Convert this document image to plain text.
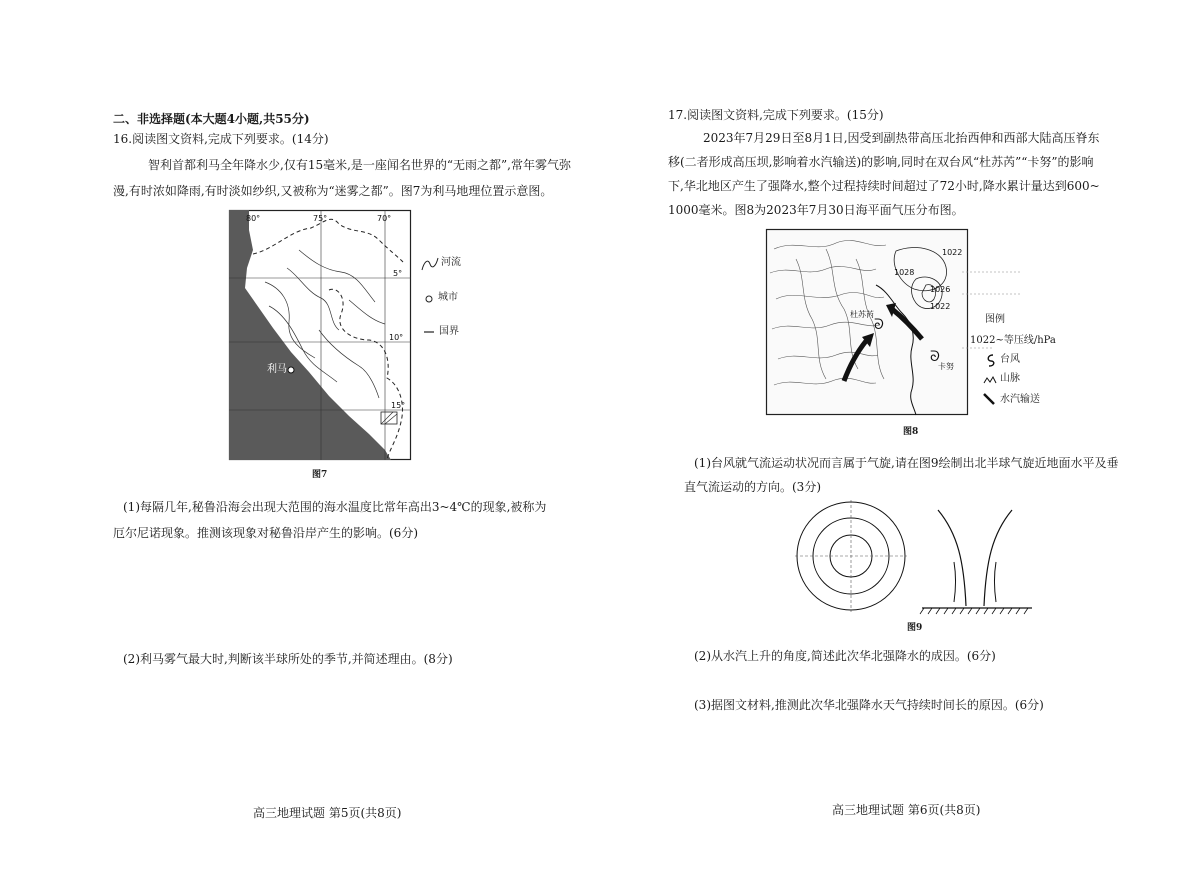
二、非选择题(本大题4小题,共55分)
16.阅读图文资料,完成下列要求。(14分)
智利首都利马全年降水少,仅有15毫米,是一座闻名世界的“无雨之都”,常年雾气弥
漫,有时浓如降雨,有时淡如纱织,又被称为“迷雾之都”。图7为利马地理位置示意图。
80°	75°	70°
5°
10°
15°
利马
图7
河流
城市
国界
(1)每隔几年,秘鲁沿海会出现大范围的海水温度比常年高出3~4℃的现象,被称为
厄尔尼诺现象。推测该现象对秘鲁沿岸产生的影响。(6分)
(2)利马雾气最大时,判断该半球所处的季节,并简述理由。(8分)
高三地理试题 第5页(共8页)
17.阅读图文资料,完成下列要求。(15分)
2023年7月29日至8月1日,因受到副热带高压北抬西伸和西部大陆高压脊东
移(二者形成高压坝,影响着水汽输送)的影响,同时在双台风“杜苏芮”“卡努”的影响
下,华北地区产生了强降水,整个过程持续时间超过了72小时,降水累计量达到600~
1000毫米。图8为2023年7月30日海平面气压分布图。
1028
1022
1026
1022
ᘐ
杜苏芮
ᘐ
卡努
图8
图例
1022~等压线/hPa
台风
山脉
水汽输送
(1)台风就气流运动状况而言属于气旋,请在图9绘制出北半球气旋近地面水平及垂
直气流运动的方向。(3分)
图9
(2)从水汽上升的角度,简述此次华北强降水的成因。(6分)
(3)据图文材料,推测此次华北强降水天气持续时间长的原因。(6分)
高三地理试题 第6页(共8页)
